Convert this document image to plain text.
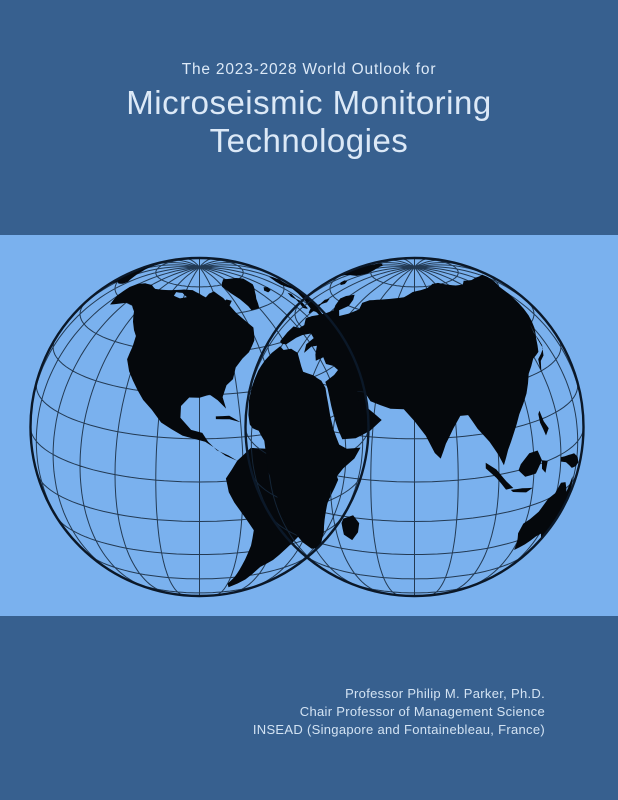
The 2023-2028 World Outlook for
Microseismic Monitoring Technologies
Professor Philip M. Parker, Ph.D.
Chair Professor of Management Science
INSEAD (Singapore and Fontainebleau, France)
